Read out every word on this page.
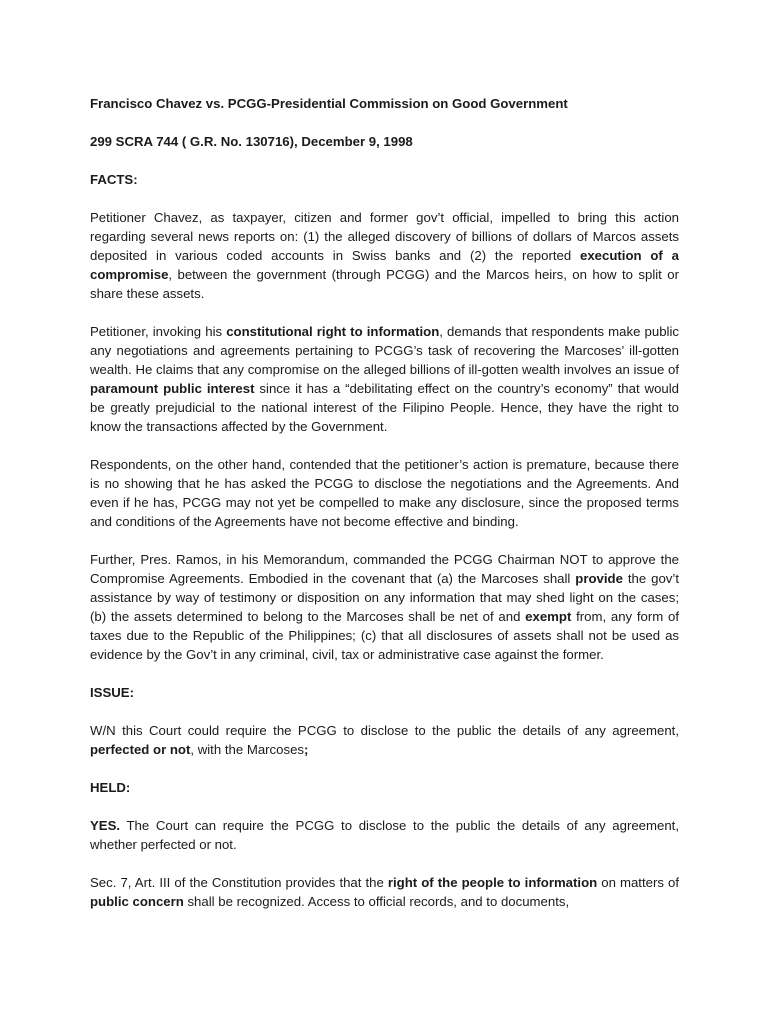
Francisco Chavez vs. PCGG-Presidential Commission on Good Government

299 SCRA 744 ( G.R. No. 130716), December 9, 1998

FACTS:

Petitioner Chavez, as taxpayer, citizen and former gov’t official, impelled to bring this action regarding several news reports on: (1) the alleged discovery of billions of dollars of Marcos assets deposited in various coded accounts in Swiss banks and (2) the reported execution of a compromise, between the government (through PCGG) and the Marcos heirs, on how to split or share these assets.

Petitioner, invoking his constitutional right to information, demands that respondents make public any negotiations and agreements pertaining to PCGG’s task of recovering the Marcoses’ ill-gotten wealth. He claims that any compromise on the alleged billions of ill-gotten wealth involves an issue of paramount public interest since it has a “debilitating effect on the country’s economy” that would be greatly prejudicial to the national interest of the Filipino People. Hence, they have the right to know the transactions affected by the Government.

Respondents, on the other hand, contended that the petitioner’s action is premature, because there is no showing that he has asked the PCGG to disclose the negotiations and the Agreements. And even if he has, PCGG may not yet be compelled to make any disclosure, since the proposed terms and conditions of the Agreements have not become effective and binding.

Further, Pres. Ramos, in his Memorandum, commanded the PCGG Chairman NOT to approve the Compromise Agreements. Embodied in the covenant that (a) the Marcoses shall provide the gov’t assistance by way of testimony or disposition on any information that may shed light on the cases; (b) the assets determined to belong to the Marcoses shall be net of and exempt from, any form of taxes due to the Republic of the Philippines; (c) that all disclosures of assets shall not be used as evidence by the Gov’t in any criminal, civil, tax or administrative case against the former.

ISSUE:

W/N this Court could require the PCGG to disclose to the public the details of any agreement, perfected or not, with the Marcoses;

HELD:

YES. The Court can require the PCGG to disclose to the public the details of any agreement, whether perfected or not.

Sec. 7, Art. III of the Constitution provides that the right of the people to information on matters of public concern shall be recognized. Access to official records, and to documents,
